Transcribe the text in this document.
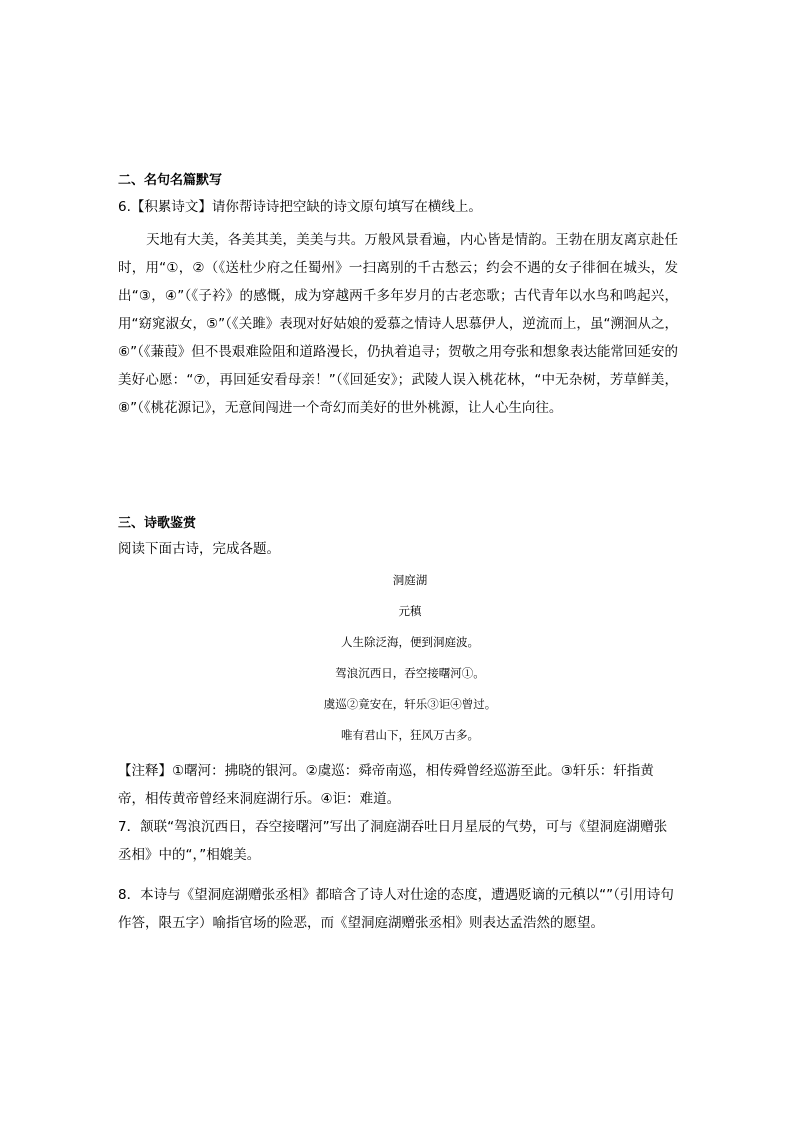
二、名句名篇默写
6.【积累诗文】请你帮诗诗把空缺的诗文原句填写在横线上。
天地有大美，各美其美，美美与共。万般风景看遍，内心皆是情韵。王勃在朋友离京赴任时，用“①，②（《送杜少府之任蜀州》一扫离别的千古愁云；约会不遇的女子徘徊在城头，发出“③，④”（《子衿》的感慨，成为穿越两千多年岁月的古老恋歌；古代青年以水鸟和鸣起兴，用“窈窕淑女，⑤”（《关雎》表现对好姑娘的爱慕之情诗人思慕伊人，逆流而上，虽“溯洄从之，⑥”（《蒹葭》但不畏艰难险阻和道路漫长，仍执着追寻；贺敬之用夸张和想象表达能常回延安的美好心愿：“⑦，再回延安看母亲！”（《回延安》；武陵人误入桃花林，“中无杂树，芳草鲜美，⑧”（《桃花源记》，无意间闯进一个奇幻而美好的世外桃源，让人心生向往。
三、诗歌鉴赏
阅读下面古诗，完成各题。
洞庭湖
元稹
人生除泛海，便到洞庭波。
驾浪沉西日，吞空接曙河①。
虞巡②竟安在，轩乐③讵④曾过。
唯有君山下，狂风万古多。
【注释】①曙河：拂晓的银河。②虞巡：舜帝南巡，相传舜曾经巡游至此。③轩乐：轩指黄帝，相传黄帝曾经来洞庭湖行乐。④讵：难道。
7．颔联“驾浪沉西日，吞空接曙河”写出了洞庭湖吞吐日月星辰的气势，可与《望洞庭湖赠张丞相》中的“，”相媲美。
8．本诗与《望洞庭湖赠张丞相》都暗含了诗人对仕途的态度，遭遇贬谪的元稹以“”（引用诗句作答，限五字）喻指官场的险恶，而《望洞庭湖赠张丞相》则表达孟浩然的愿望。
